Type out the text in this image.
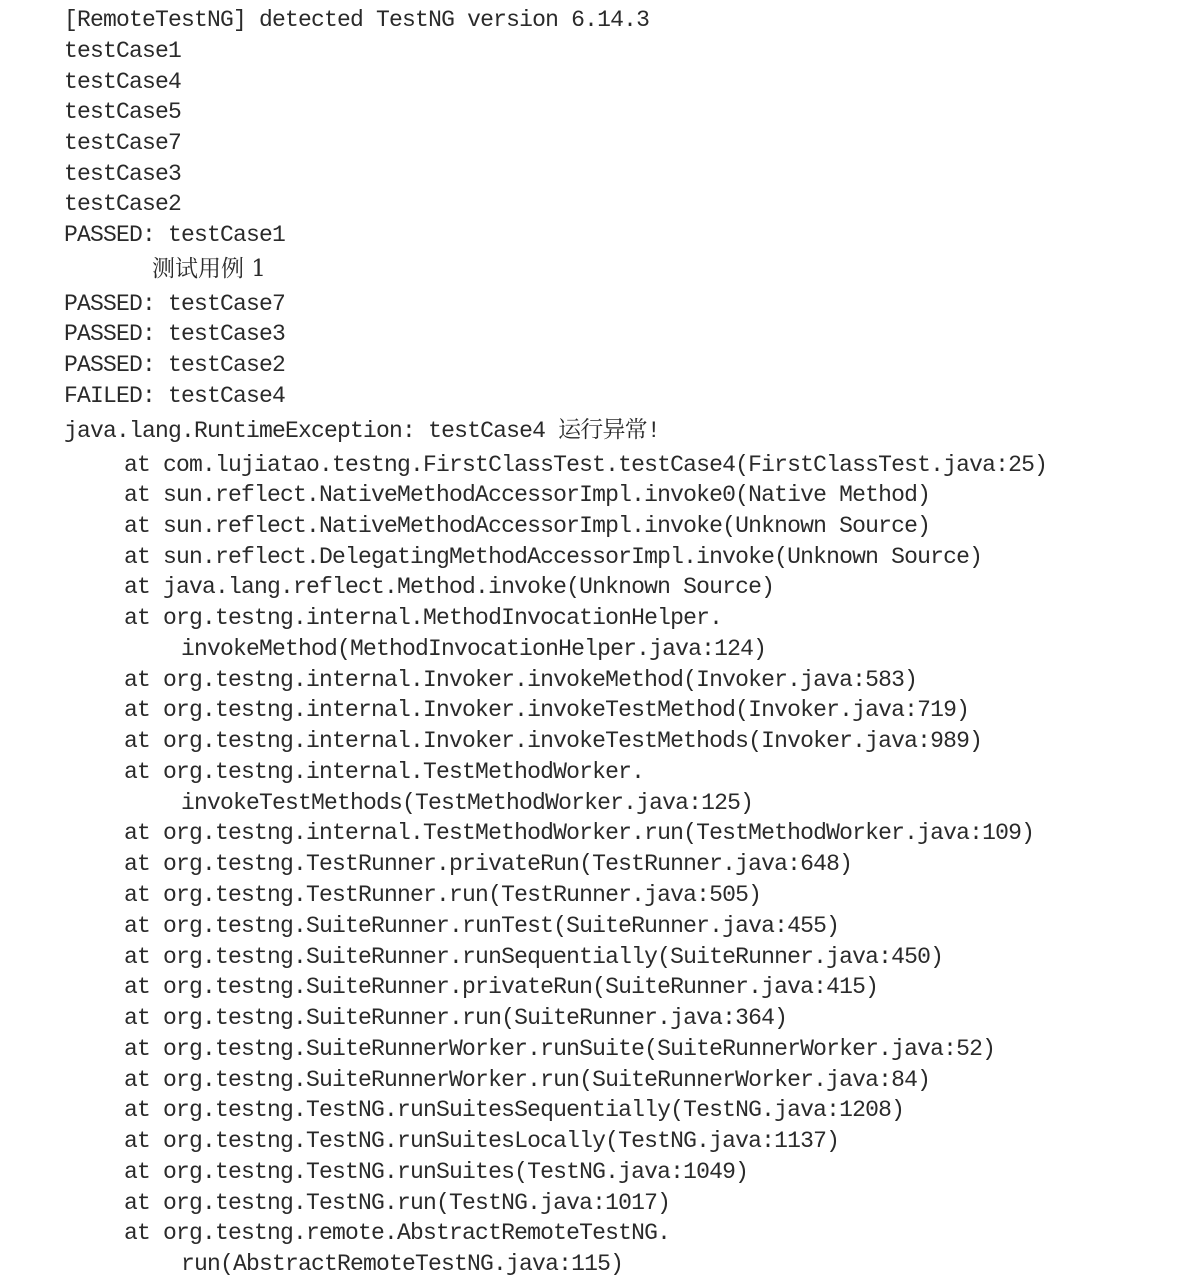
[RemoteTestNG] detected TestNG version 6.14.3
testCase1
testCase4
testCase5
testCase7
testCase3
testCase2
PASSED: testCase1
测试用例 1
PASSED: testCase7
PASSED: testCase3
PASSED: testCase2
FAILED: testCase4
java.lang.RuntimeException: testCase4 运行异常!
at com.lujiatao.testng.FirstClassTest.testCase4(FirstClassTest.java:25)
at sun.reflect.NativeMethodAccessorImpl.invoke0(Native Method)
at sun.reflect.NativeMethodAccessorImpl.invoke(Unknown Source)
at sun.reflect.DelegatingMethodAccessorImpl.invoke(Unknown Source)
at java.lang.reflect.Method.invoke(Unknown Source)
at org.testng.internal.MethodInvocationHelper.
invokeMethod(MethodInvocationHelper.java:124)
at org.testng.internal.Invoker.invokeMethod(Invoker.java:583)
at org.testng.internal.Invoker.invokeTestMethod(Invoker.java:719)
at org.testng.internal.Invoker.invokeTestMethods(Invoker.java:989)
at org.testng.internal.TestMethodWorker.
invokeTestMethods(TestMethodWorker.java:125)
at org.testng.internal.TestMethodWorker.run(TestMethodWorker.java:109)
at org.testng.TestRunner.privateRun(TestRunner.java:648)
at org.testng.TestRunner.run(TestRunner.java:505)
at org.testng.SuiteRunner.runTest(SuiteRunner.java:455)
at org.testng.SuiteRunner.runSequentially(SuiteRunner.java:450)
at org.testng.SuiteRunner.privateRun(SuiteRunner.java:415)
at org.testng.SuiteRunner.run(SuiteRunner.java:364)
at org.testng.SuiteRunnerWorker.runSuite(SuiteRunnerWorker.java:52)
at org.testng.SuiteRunnerWorker.run(SuiteRunnerWorker.java:84)
at org.testng.TestNG.runSuitesSequentially(TestNG.java:1208)
at org.testng.TestNG.runSuitesLocally(TestNG.java:1137)
at org.testng.TestNG.runSuites(TestNG.java:1049)
at org.testng.TestNG.run(TestNG.java:1017)
at org.testng.remote.AbstractRemoteTestNG.
run(AbstractRemoteTestNG.java:115)
